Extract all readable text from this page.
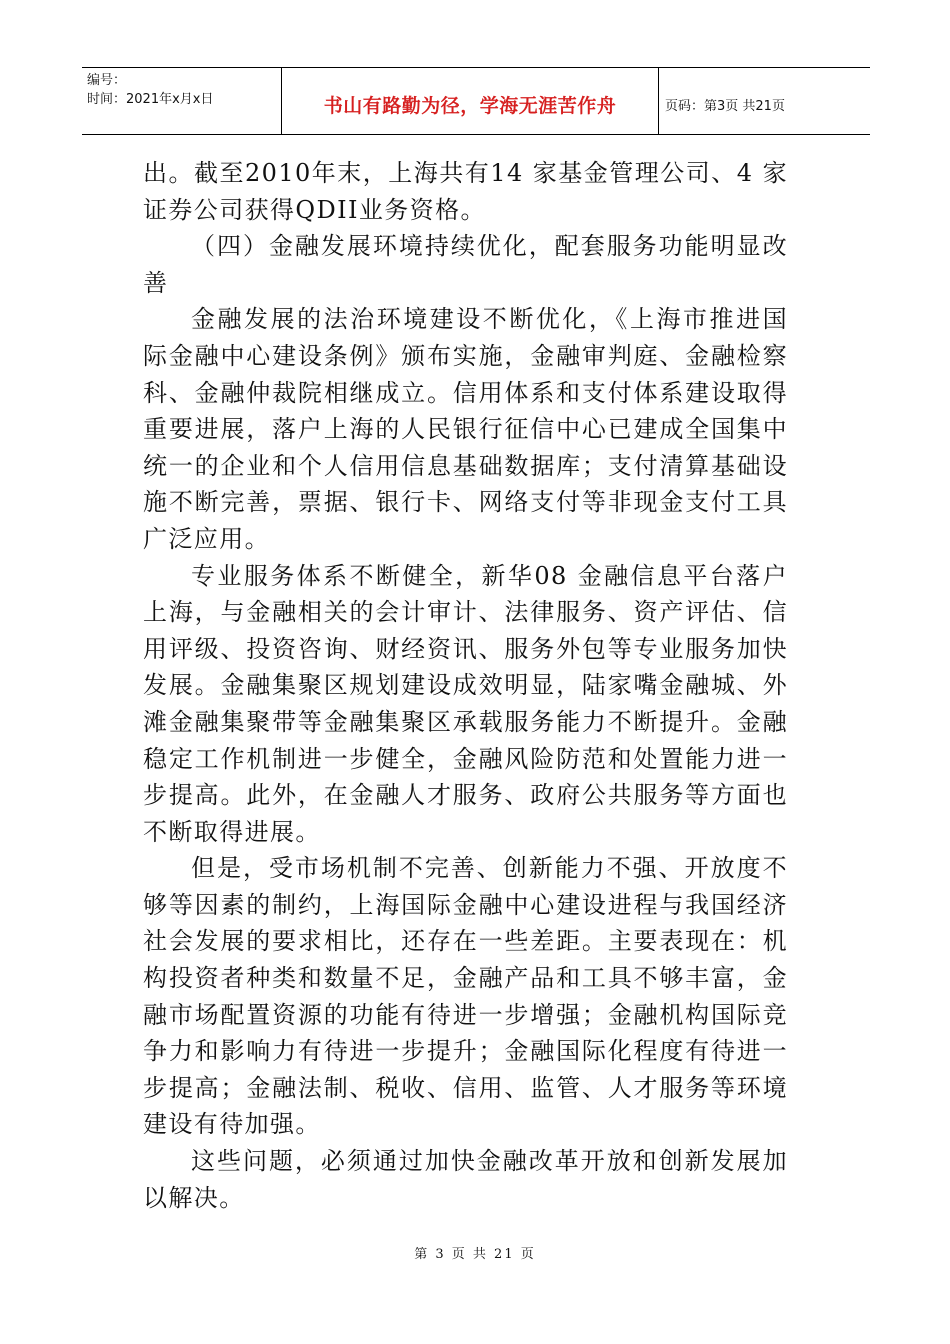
编号：
时间：2021年x月x日	书山有路勤为径，学海无涯苦作舟	页码：第3页 共21页

出。截至2010年末，上海共有14 家基金管理公司、4 家证券公司获得QDII业务资格。

（四）金融发展环境持续优化，配套服务功能明显改善

金融发展的法治环境建设不断优化，《上海市推进国际金融中心建设条例》颁布实施，金融审判庭、金融检察科、金融仲裁院相继成立。信用体系和支付体系建设取得重要进展，落户上海的人民银行征信中心已建成全国集中统一的企业和个人信用信息基础数据库；支付清算基础设施不断完善，票据、银行卡、网络支付等非现金支付工具广泛应用。

专业服务体系不断健全，新华08 金融信息平台落户上海，与金融相关的会计审计、法律服务、资产评估、信用评级、投资咨询、财经资讯、服务外包等专业服务加快发展。金融集聚区规划建设成效明显，陆家嘴金融城、外滩金融集聚带等金融集聚区承载服务能力不断提升。金融稳定工作机制进一步健全，金融风险防范和处置能力进一步提高。此外，在金融人才服务、政府公共服务等方面也不断取得进展。

但是，受市场机制不完善、创新能力不强、开放度不够等因素的制约，上海国际金融中心建设进程与我国经济社会发展的要求相比，还存在一些差距。主要表现在：机构投资者种类和数量不足，金融产品和工具不够丰富，金融市场配置资源的功能有待进一步增强；金融机构国际竞争力和影响力有待进一步提升；金融国际化程度有待进一步提高；金融法制、税收、信用、监管、人才服务等环境建设有待加强。

这些问题，必须通过加快金融改革开放和创新发展加以解决。

第 3 页 共 21 页
